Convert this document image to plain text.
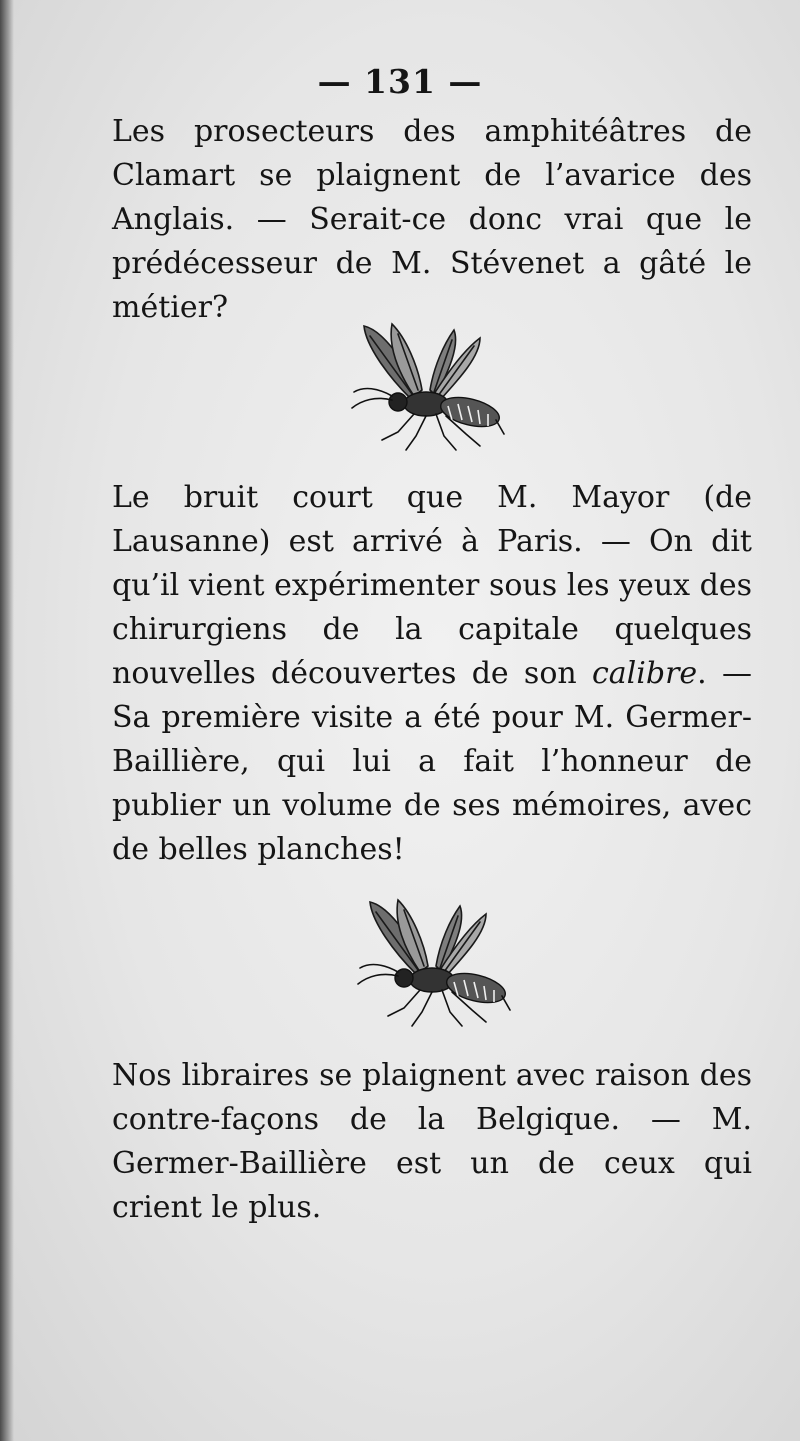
— 131 —

Les prosecteurs des amphitéâtres de Clamart se plaignent de l’avarice des Anglais. — Serait-ce donc vrai que le prédécesseur de M. Stévenet a gâté le métier?

Le bruit court que M. Mayor (de Lausanne) est arrivé à Paris. — On dit qu’il vient expérimenter sous les yeux des chirurgiens de la capitale quelques nouvelles découvertes de son calibre. — Sa première visite a été pour M. Germer-Baillière, qui lui a fait l’honneur de publier un volume de ses mémoires, avec de belles planches!

Nos libraires se plaignent avec raison des contre-façons de la Belgique. — M. Germer-Baillière est un de ceux qui crient le plus.
